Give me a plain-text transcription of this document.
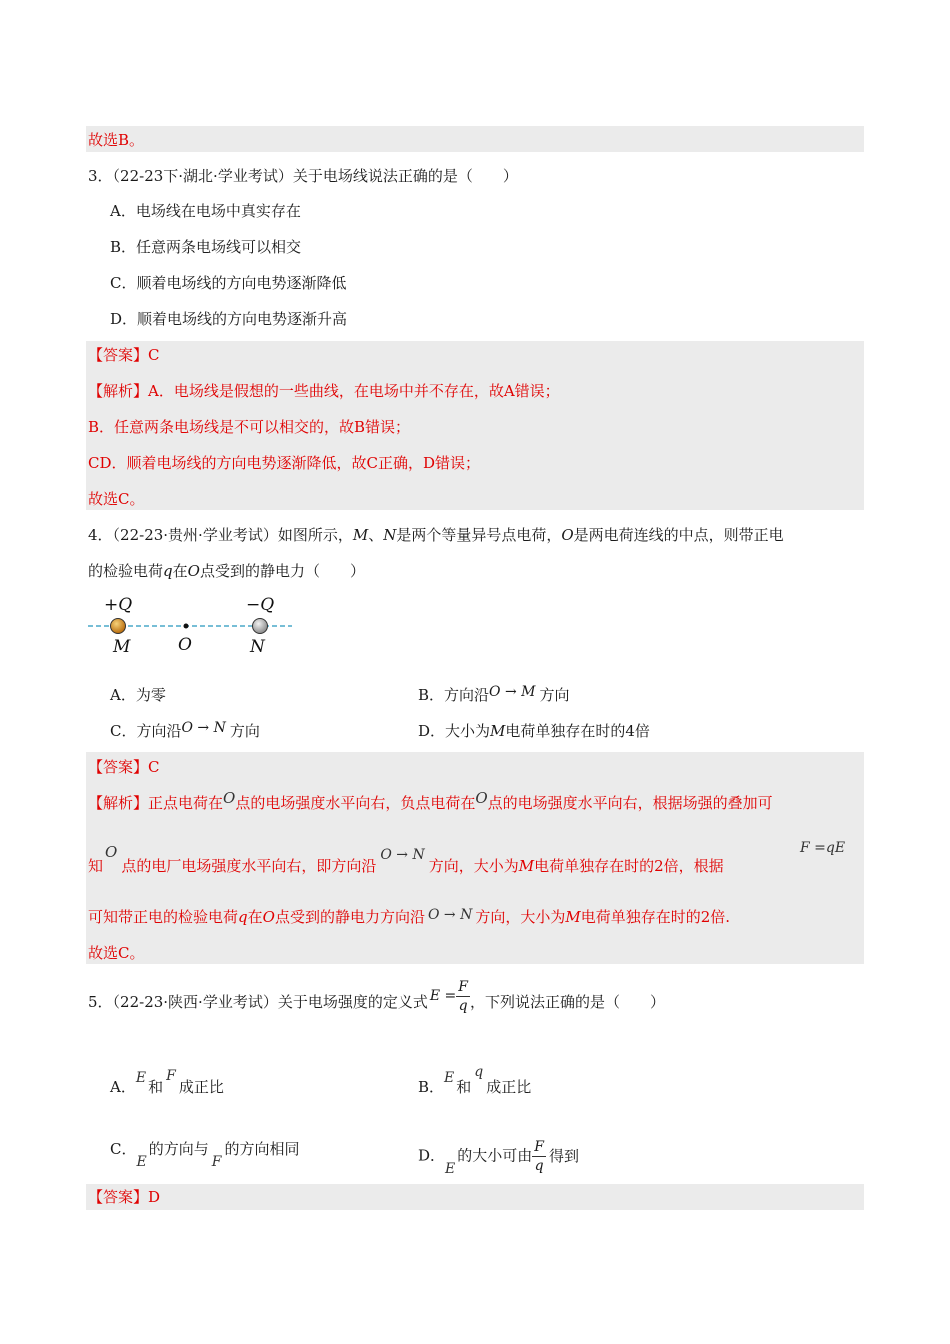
故选B。
3．（22-23下·湖北·学业考试）关于电场线说法正确的是（　　）
A．电场线在电场中真实存在
B．任意两条电场线可以相交
C．顺着电场线的方向电势逐渐降低
D．顺着电场线的方向电势逐渐升高
【答案】C
【解析】A．电场线是假想的一些曲线，在电场中并不存在，故A错误；
B．任意两条电场线是不可以相交的，故B错误；
CD．顺着电场线的方向电势逐渐降低，故C正确，D错误；
故选C。
4．（22-23·贵州·学业考试）如图所示，M、N是两个等量异号点电荷，O是两电荷连线的中点，则带正电
的检验电荷q在O点受到的静电力（　　）
+Q	−Q
M	O	N
A．为零	B．方向沿O → M 方向
C．方向沿O → N 方向	D．大小为M电荷单独存在时的4倍
【答案】C
【解析】正点电荷在O点的电场强度水平向右，负点电荷在O点的电场强度水平向右，根据场强的叠加可
知O点的电厂电场强度水平向右，即方向沿O → N方向，大小为M电荷单独存在时的2倍，根据
F =qE
可知带正电的检验电荷q在O点受到的静电力方向沿 O → N 方向，大小为M电荷单独存在时的2倍.
故选C。
5．（22-23·陕西·学业考试）关于电场强度的定义式 $E = \frac{F}{q}$ ，下列说法正确的是（　　）
A．E 和F成正比	B．E 和q成正比
C．E的方向与F的方向相同	D．E的大小可由 $\frac{F}{q}$ 得到
【答案】D
